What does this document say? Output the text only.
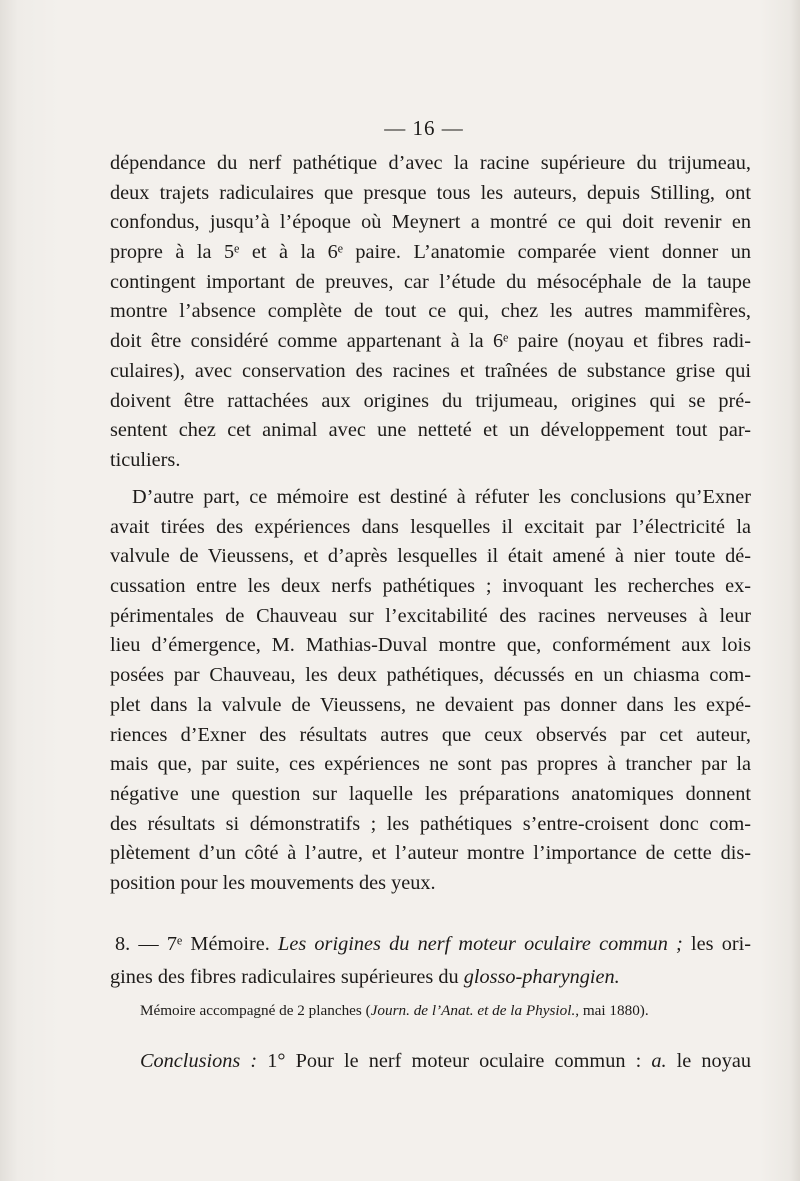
— 16 —
dépendance du nerf pathétique d’avec la racine supérieure du trijumeau,
deux trajets radiculaires que presque tous les auteurs, depuis Stilling, ont
confondus, jusqu’à l’époque où Meynert a montré ce qui doit revenir en
propre à la 5ᵉ et à la 6ᵉ paire. L’anatomie comparée vient donner un
contingent important de preuves, car l’étude du mésocéphale de la taupe
montre l’absence complète de tout ce qui, chez les autres mammifères,
doit être considéré comme appartenant à la 6ᵉ paire (noyau et fibres radi-
culaires), avec conservation des racines et traînées de substance grise qui
doivent être rattachées aux origines du trijumeau, origines qui se pré-
sentent chez cet animal avec une netteté et un développement tout par-
ticuliers.
D’autre part, ce mémoire est destiné à réfuter les conclusions qu’Exner
avait tirées des expériences dans lesquelles il excitait par l’électricité la
valvule de Vieussens, et d’après lesquelles il était amené à nier toute dé-
cussation entre les deux nerfs pathétiques ; invoquant les recherches ex-
périmentales de Chauveau sur l’excitabilité des racines nerveuses à leur
lieu d’émergence, M. Mathias-Duval montre que, conformément aux lois
posées par Chauveau, les deux pathétiques, décussés en un chiasma com-
plet dans la valvule de Vieussens, ne devaient pas donner dans les expé-
riences d’Exner des résultats autres que ceux observés par cet auteur,
mais que, par suite, ces expériences ne sont pas propres à trancher par la
négative une question sur laquelle les préparations anatomiques donnent
des résultats si démonstratifs ; les pathétiques s’entre-croisent donc com-
plètement d’un côté à l’autre, et l’auteur montre l’importance de cette dis-
position pour les mouvements des yeux.
8. — 7ᵉ Mémoire. Les origines du nerf moteur oculaire commun ; les ori-
gines des fibres radiculaires supérieures du glosso-pharyngien.
Mémoire accompagné de 2 planches (Journ. de l’Anat. et de la Physiol., mai 1880).
Conclusions : 1° Pour le nerf moteur oculaire commun : a. le noyau
